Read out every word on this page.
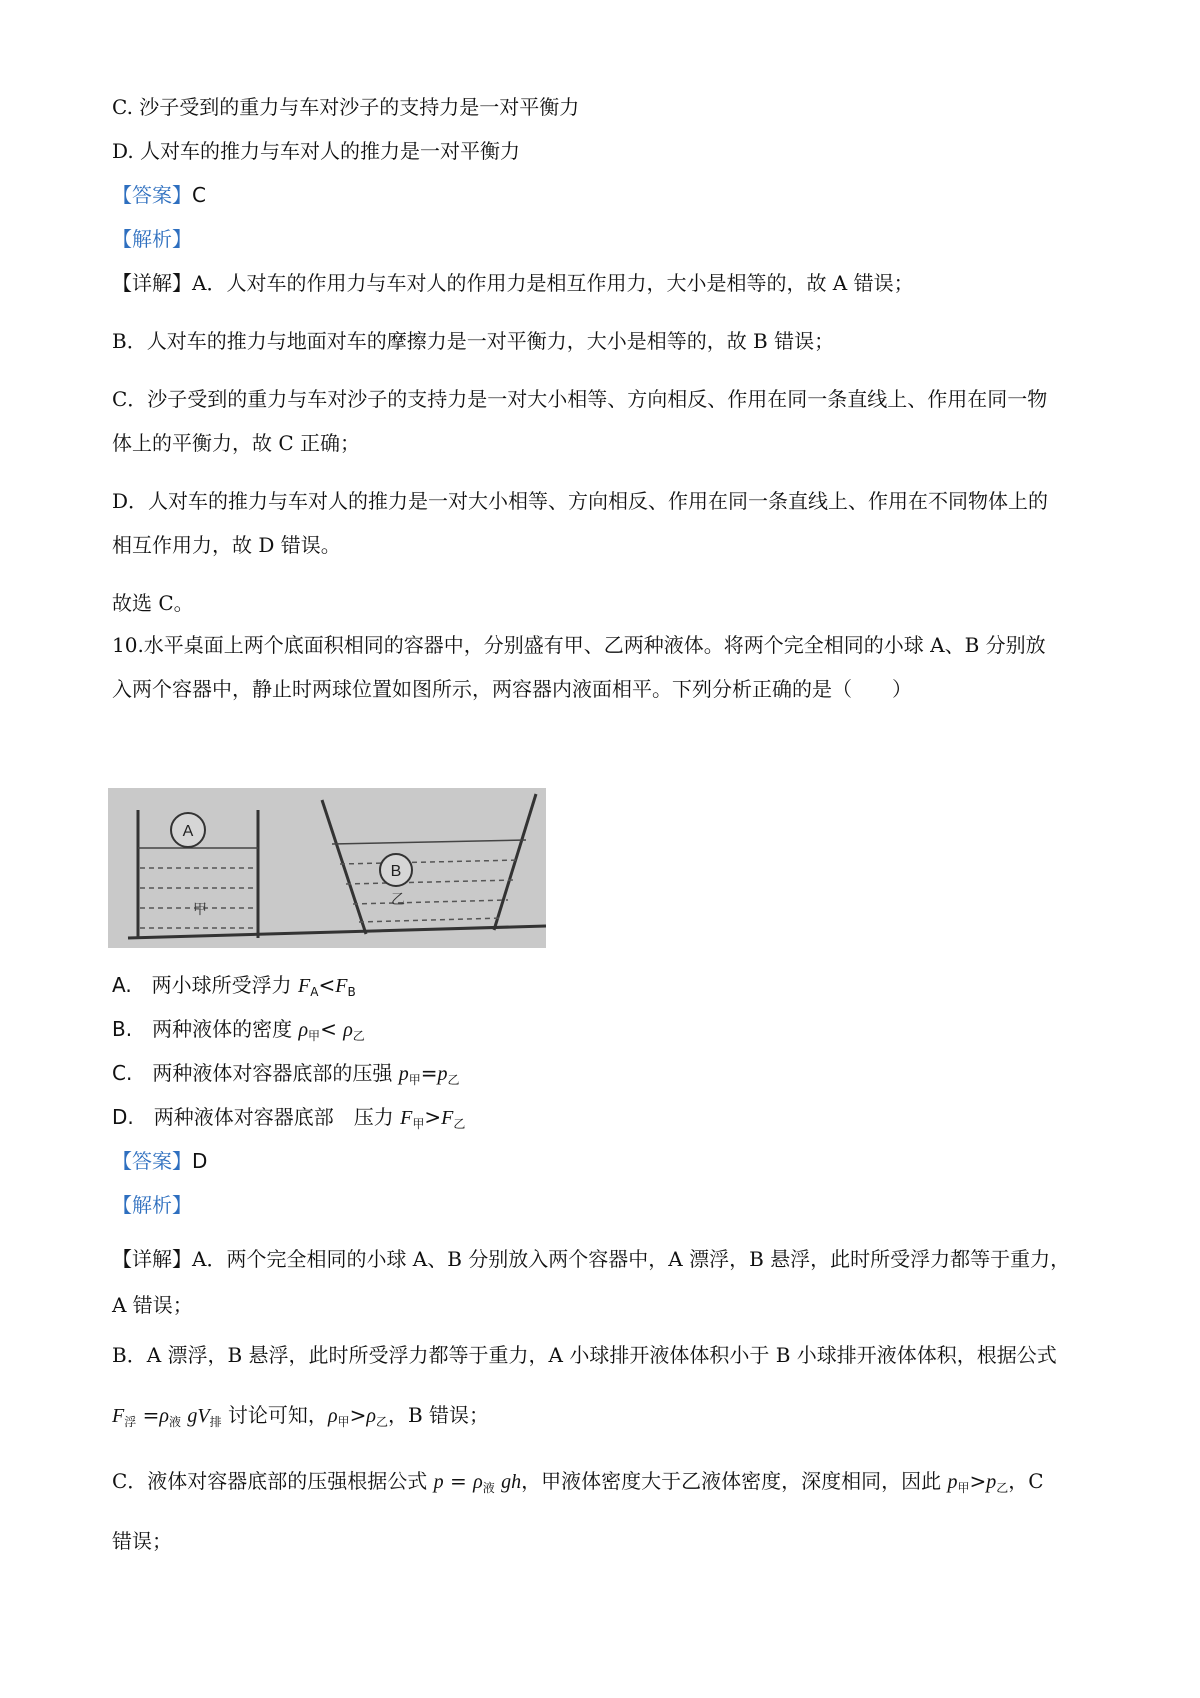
C. 沙子受到的重力与车对沙子的支持力是一对平衡力
D. 人对车的推力与车对人的推力是一对平衡力
【答案】C
【解析】
【详解】A．人对车的作用力与车对人的作用力是相互作用力，大小是相等的，故 A 错误；
B．人对车的推力与地面对车的摩擦力是一对平衡力，大小是相等的，故 B 错误；
C．沙子受到的重力与车对沙子的支持力是一对大小相等、方向相反、作用在同一条直线上、作用在同一物
体上的平衡力，故 C 正确；
D．人对车的推力与车对人的推力是一对大小相等、方向相反、作用在同一条直线上、作用在不同物体上的
相互作用力，故 D 错误。
故选 C。
10.水平桌面上两个底面积相同的容器中，分别盛有甲、乙两种液体。将两个完全相同的小球 A、B 分别放
入两个容器中，静止时两球位置如图所示，两容器内液面相平。下列分析正确的是（　　）
A
B
甲
乙
A.　两小球所受浮力 $F_A<F_B$
B.　两种液体的密度 $\rho_甲< \rho_乙$
C.　两种液体对容器底部的压强 $p_甲=p_乙$
D.　两种液体对容器底部　压力 $F_甲>F_乙$
【答案】D
【解析】
【详解】A．两个完全相同的小球 A、B 分别放入两个容器中，A 漂浮，B 悬浮，此时所受浮力都等于重力，
A 错误；
B．A 漂浮，B 悬浮，此时所受浮力都等于重力，A 小球排开液体体积小于 B 小球排开液体体积，根据公式
$F_浮 =\rho_液$ $gV_排$ 讨论可知，$\rho_甲>\rho_乙$，B 错误；
C．液体对容器底部的压强根据公式 $p = \rho_液$ gh，甲液体密度大于乙液体密度，深度相同，因此 $p_甲>p_乙$，C
错误；
